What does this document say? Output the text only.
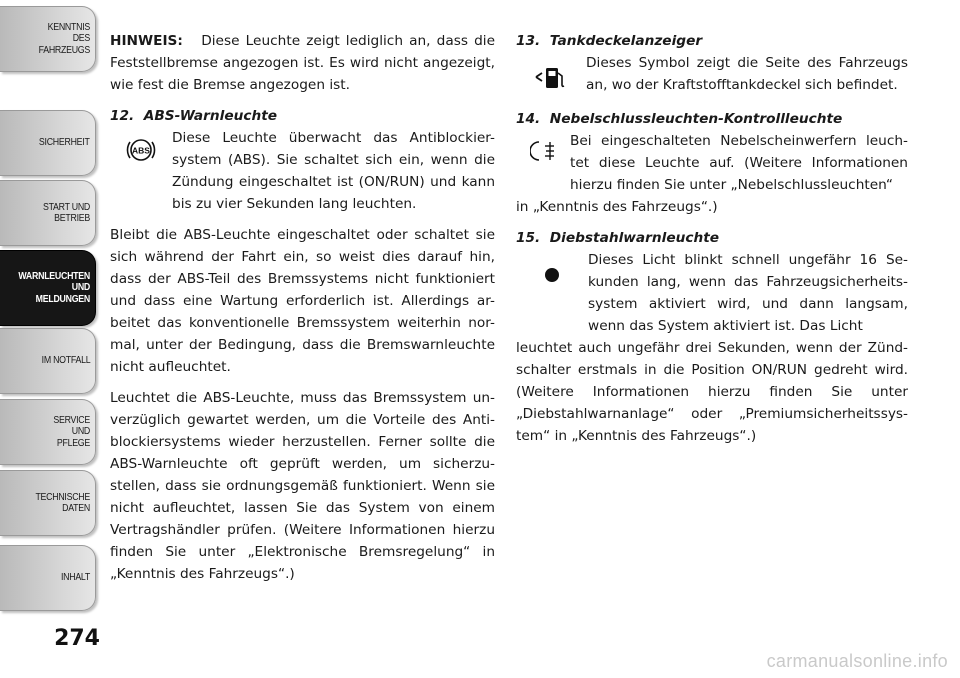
KENNTNIS DES FAHRZEUGS
SICHERHEIT
START UND BETRIEB
WARNLEUCHTEN UND MELDUNGEN
IM NOTFALL
SERVICE UND PFLEGE
TECHNISCHE DATEN
INHALT
274
HINWEIS: Diese Leuchte zeigt lediglich an, dass die Feststellbremse angezogen ist. Es wird nicht angezeigt, wie fest die Bremse angezogen ist.
12.  ABS-Warnleuchte
ABS
Diese Leuchte überwacht das Antiblockier-system (ABS). Sie schaltet sich ein, wenn die Zündung eingeschaltet ist (ON/RUN) und kann bis zu vier Sekunden lang leuchten.
Bleibt die ABS-Leuchte eingeschaltet oder schaltet sie sich während der Fahrt ein, so weist dies darauf hin, dass der ABS-Teil des Bremssystems nicht funktioniert und dass eine Wartung erforderlich ist. Allerdings ar-beitet das konventionelle Bremssystem weiterhin nor-mal, unter der Bedingung, dass die Bremswarnleuchte nicht aufleuchtet.
Leuchtet die ABS-Leuchte, muss das Bremssystem un-verzüglich gewartet werden, um die Vorteile des Anti-blockiersystems wieder herzustellen. Ferner sollte die ABS-Warnleuchte oft geprüft werden, um sicherzu-stellen, dass sie ordnungsgemäß funktioniert. Wenn sie nicht aufleuchtet, lassen Sie das System von einem Vertragshändler prüfen. (Weitere Informationen hierzu finden Sie unter „Elektronische Bremsregelung“ in „Kenntnis des Fahrzeugs“.)
13.  Tankdeckelanzeiger
Dieses Symbol zeigt die Seite des Fahrzeugs an, wo der Kraftstofftankdeckel sich befindet.
14.  Nebelschlussleuchten-Kontrollleuchte
Bei eingeschalteten Nebelscheinwerfern leuch-tet diese Leuchte auf. (Weitere Informationen hierzu finden Sie unter „Nebelschlussleuchten“
in „Kenntnis des Fahrzeugs“.)
15.  Diebstahlwarnleuchte
Dieses Licht blinkt schnell ungefähr 16 Se-kunden lang, wenn das Fahrzeugsicherheits-system aktiviert wird, und dann langsam, wenn das System aktiviert ist. Das Licht
leuchtet auch ungefähr drei Sekunden, wenn der Zünd-schalter erstmals in die Position ON/RUN gedreht wird. (Weitere Informationen hierzu finden Sie unter „Diebstahlwarnanlage“ oder „Premiumsicherheitssys-tem“ in „Kenntnis des Fahrzeugs“.)
carmanualsonline.info
